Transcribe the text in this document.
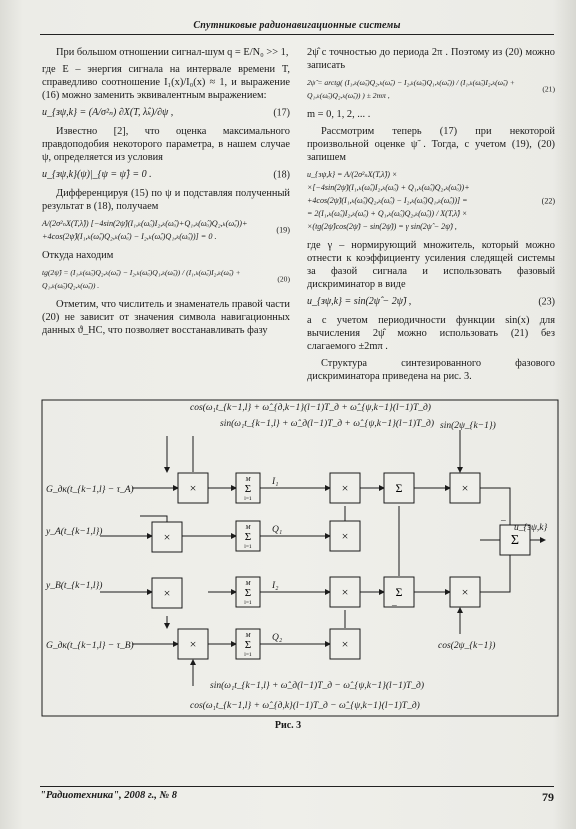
Спутниковые радионавигационные системы

При большом отношении сигнал-шум q = E/N₀ >> 1,

где E – энергия сигнала на интервале времени T, справедливо соотношение I₁(x)/I₀(x) ≈ 1, и выражение (16) можно заменить эквивалентным выражением:

u_{зψ,k} = (A/σ²ₙ) ∂X(T, λ̂ₖ)/∂ψ ,	(17)

Известно [2], что оценка максимального правдоподобия некоторого параметра, в нашем случае ψ, определяется из условия

u_{зψ,k}(ψ)|_{ψ = ψ̂} = 0 .	(18)

Дифференцируя (15) по ψ и подставляя полученный результат в (18), получаем

A/(2σ²ₙX(T,λ̂)) [−4sin(2ψ̂)(I₁,ₖ(ω̂ₐ)I₂,ₖ(ω̂ₐ)+Q₁,ₖ(ω̂ₐ)Q₂,ₖ(ω̂ₐ))+
+4cos(2ψ̂)(I₁,ₖ(ω̂ₐ)Q₂,ₖ(ω̂ₐ) − I₂,ₖ(ω̂ₐ)Q₁,ₖ(ω̂ₐ))] = 0 .
(19)

Откуда находим

tg(2ψ̂) = (I₁,ₖ(ω̂ₐ)Q₂,ₖ(ω̂ₐ) − I₂,ₖ(ω̂ₐ)Q₁,ₖ(ω̂ₐ)) / (I₁,ₖ(ω̂ₐ)I₂,ₖ(ω̂ₐ) + Q₁,ₖ(ω̂ₐ)Q₂,ₖ(ω̂ₐ)) .
(20)

Отметим, что числитель и знаменатель правой части (20) не зависит от значения символа навигационных данных ϑ_НС, что позволяет восстанавливать фазу

2ψ̂ с точностью до периода 2π . Поэтому из (20) можно записать

2ψ̂ = arctg( (I₁,ₖ(ω̂ₐ)Q₂,ₖ(ω̂ₐ) − I₂,ₖ(ω̂ₐ)Q₁,ₖ(ω̂ₐ)) / (I₁,ₖ(ω̂ₐ)I₂,ₖ(ω̂ₐ) + Q₁,ₖ(ω̂ₐ)Q₂,ₖ(ω̂ₐ)) ) ± 2mπ ,
(21)

m = 0, 1, 2, ... .

Рассмотрим теперь (17) при некоторой произвольной оценке ψ̃ . Тогда, с учетом (19), (20) запишем

u_{зψ,k} = A/(2σ²ₙX(T,λ̂)) ×
×[−4sin(2ψ̃)(I₁,ₖ(ω̂ₐ)I₂,ₖ(ω̂ₐ) + Q₁,ₖ(ω̂ₐ)Q₂,ₖ(ω̂ₐ))+
+4cos(2ψ̃)(I₁,ₖ(ω̂ₐ)Q₂,ₖ(ω̂ₐ) − I₂,ₖ(ω̂ₐ)Q₁,ₖ(ω̂ₐ))] =
= 2(I₁,ₖ(ω̂ₐ)I₂,ₖ(ω̂ₐ) + Q₁,ₖ(ω̂ₐ)Q₂,ₖ(ω̂ₐ)) / X(T,λ̂) ×
×(tg(2ψ̂)cos(2ψ̃) − sin(2ψ̃)) = γ sin(2ψ̂ − 2ψ̃) ,
(22)

где γ – нормирующий множитель, который можно отнести к коэффициенту усиления следящей системы за фазой сигнала и использовать фазовый дискриминатор в виде

u_{зψ,k} = sin(2ψ̂ − 2ψ̃) ,	(23)

а с учетом периодичности функции sin(x) для вычисления 2ψ̂ можно использовать (21) без слагаемого ±2mπ .

Структура синтезированного фазового дискриминатора приведена на рис. 3.

×
×
×
×
M
Σ
l=1
M
Σ
l=1
M
Σ
l=1
M
Σ
l=1
×
×
×
×
Σ
Σ
×
×
Σ
cos(ω₁t_{k−1,l} + ω̂_{д,k−1}(l−1)T_д + ω̂_{ψ,k−1}(l−1)T_д)
sin(ω₁t_{k−1,l} + ω̂_д(l−1)T_д + ω̂_{ψ,k−1}(l−1)T_д) sin(2ψ_{k−1})
cos(2ψ_{k−1})
sin(ω₁t_{k−1,l} + ω̂_д(l−1)T_д − ω̂_{ψ,k−1}(l−1)T_д)
cos(ω₁t_{k−1,l} + ω̂_{д,k}(l−1)T_д − ω̂_{ψ,k−1}(l−1)T_д)
G_дк(t_{k−1,l} − τ_A)
y_A(t_{k−1,l})
y_B(t_{k−1,l})
G_дк(t_{k−1,l} − τ_B)
u_{зψ,k}
I₁
Q₁
I₂
Q₂
–
–
Рис. 3
"Радиотехника", 2008 г., № 8	79
